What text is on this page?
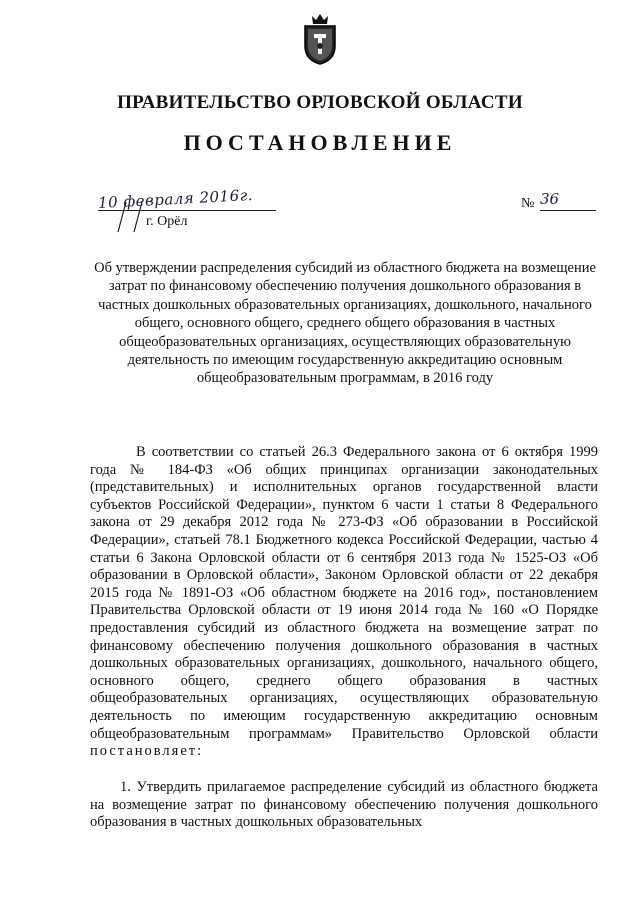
ПРАВИТЕЛЬСТВО ОРЛОВСКОЙ ОБЛАСТИ
ПОСТАНОВЛЕНИЕ
10 февраля 2016г.
г. Орёл
№ 36
Об утверждении распределения субсидий из областного бюджета на возмещение затрат по финансовому обеспечению получения дошкольного образования в частных дошкольных образовательных организациях, дошкольного, начального общего, основного общего, среднего общего образования в частных общеобразовательных организациях, осуществляющих образовательную деятельность по имеющим государственную аккредитацию основным общеобразовательным программам, в 2016 году
В соответствии со статьей 26.3 Федерального закона от 6 октября 1999 года № 184-ФЗ «Об общих принципах организации законодательных (представительных) и исполнительных органов государственной власти субъектов Российской Федерации», пунктом 6 части 1 статьи 8 Федерального закона от 29 декабря 2012 года № 273-ФЗ «Об образовании в Российской Федерации», статьей 78.1 Бюджетного кодекса Российской Федерации, частью 4 статьи 6 Закона Орловской области от 6 сентября 2013 года № 1525-ОЗ «Об образовании в Орловской области», Законом Орловской области от 22 декабря 2015 года № 1891-ОЗ «Об областном бюджете на 2016 год», постановлением Правительства Орловской области от 19 июня 2014 года № 160 «О Порядке предоставления субсидий из областного бюджета на возмещение затрат по финансовому обеспечению получения дошкольного образования в частных дошкольных образовательных организациях, дошкольного, начального общего, основного общего, среднего общего образования в частных общеобразовательных организациях, осуществляющих образовательную деятельность по имеющим государственную аккредитацию основным общеобразовательным программам» Правительство Орловской области постановляет:
1. Утвердить прилагаемое распределение субсидий из областного бюджета на возмещение затрат по финансовому обеспечению получения дошкольного образования в частных дошкольных образовательных
